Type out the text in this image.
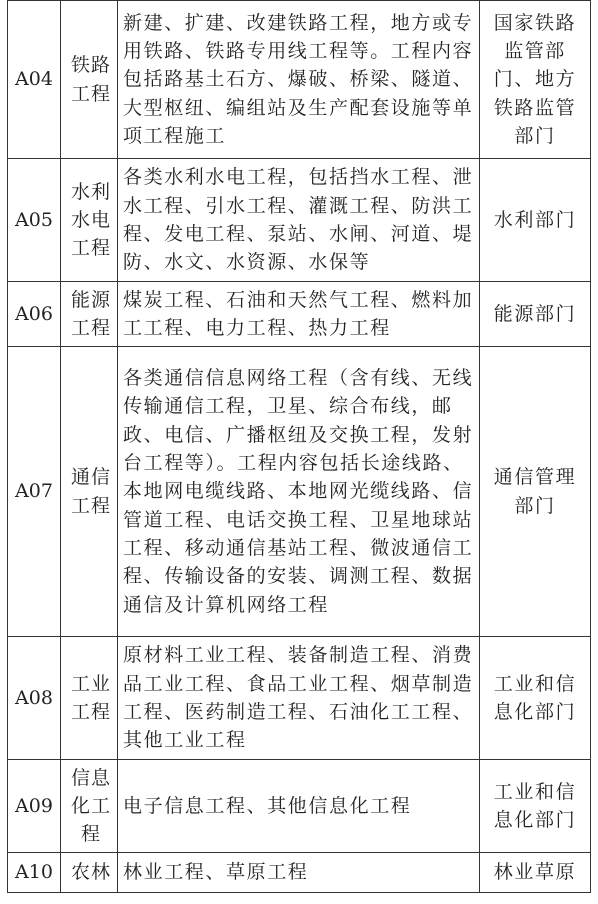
A04	铁路工程	新建、扩建、改建铁路工程，地方或专用铁路、铁路专用线工程等。工程内容包括路基土石方、爆破、桥梁、隧道、大型枢纽、编组站及生产配套设施等单项工程施工	国家铁路监管部门、地方铁路监管部门
A05	水利水电工程	各类水利水电工程，包括挡水工程、泄水工程、引水工程、灌溉工程、防洪工程、发电工程、泵站、水闸、河道、堤防、水文、水资源、水保等	水利部门
A06	能源工程	煤炭工程、石油和天然气工程、燃料加工工程、电力工程、热力工程	能源部门
A07	通信工程	各类通信信息网络工程（含有线、无线传输通信工程，卫星、综合布线，邮政、电信、广播枢纽及交换工程，发射台工程等）。工程内容包括长途线路、本地网电缆线路、本地网光缆线路、信管道工程、电话交换工程、卫星地球站工程、移动通信基站工程、微波通信工程、传输设备的安装、调测工程、数据通信及计算机网络工程	通信管理部门
A08	工业工程	原材料工业工程、装备制造工程、消费品工业工程、食品工业工程、烟草制造工程、医药制造工程、石油化工工程、其他工业工程	工业和信息化部门
A09	信息化工程	电子信息工程、其他信息化工程	工业和信息化部门
A10	农林	林业工程、草原工程	林业草原
